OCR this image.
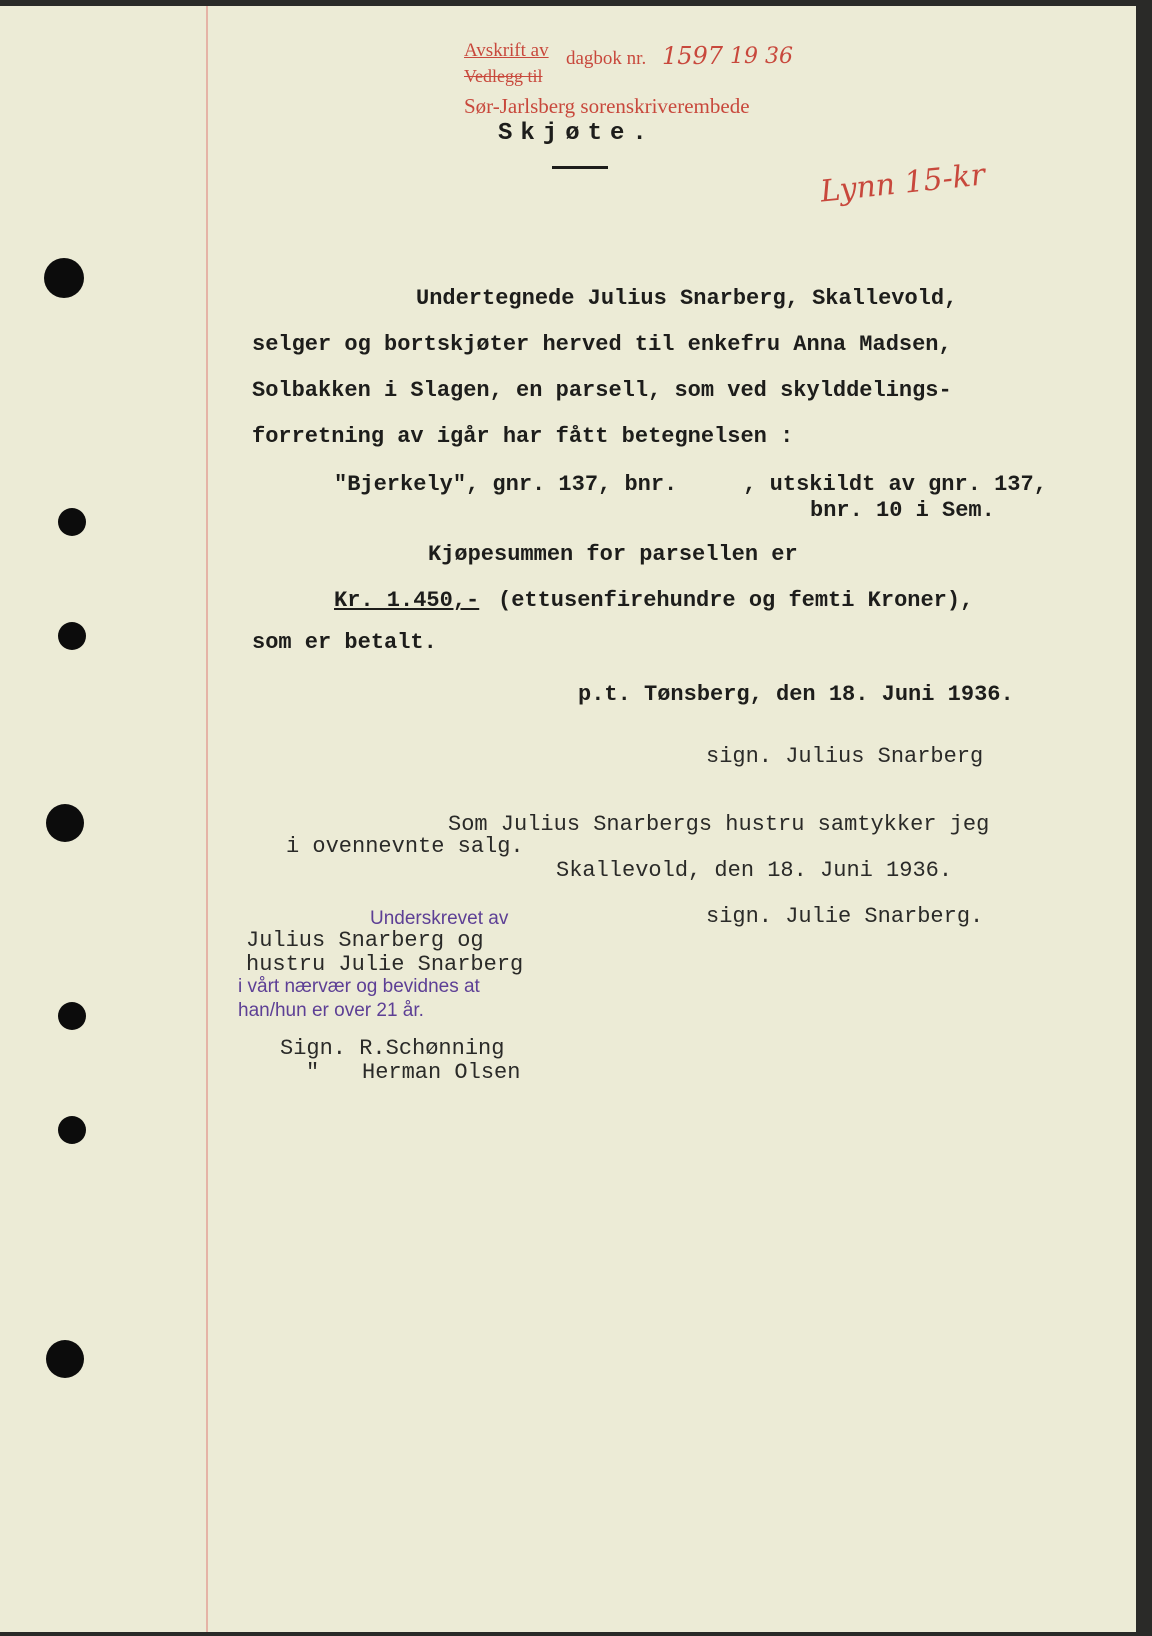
Avskrift av dagbok nr. 1597 19 36
Vedlegg til
Sør-Jarlsberg sorenskriverembede
Skjøte.
Lynn 15-kr
Undertegnede Julius Snarberg, Skallevold,
selger og bortskjøter herved til enkefru Anna Madsen,
Solbakken i Slagen, en parsell, som ved skylddelings-
forretning av igår har fått betegnelsen :
"Bjerkely", gnr. 137, bnr.     , utskildt av gnr. 137,
bnr. 10 i Sem.
Kjøpesummen for parsellen er
Kr. 1.450,- (ettusenfirehundre og femti Kroner),
som er betalt.
p.t. Tønsberg, den 18. Juni 1936.
sign. Julius Snarberg
Som Julius Snarbergs hustru samtykker jeg
i ovennevnte salg.
Skallevold, den 18. Juni 1936.
sign. Julie Snarberg.
Underskrevet av
Julius Snarberg og
hustru Julie Snarberg
i vårt nærvær og bevidnes at
han/hun er over 21 år.
Sign. R.Schønning
" Herman Olsen
